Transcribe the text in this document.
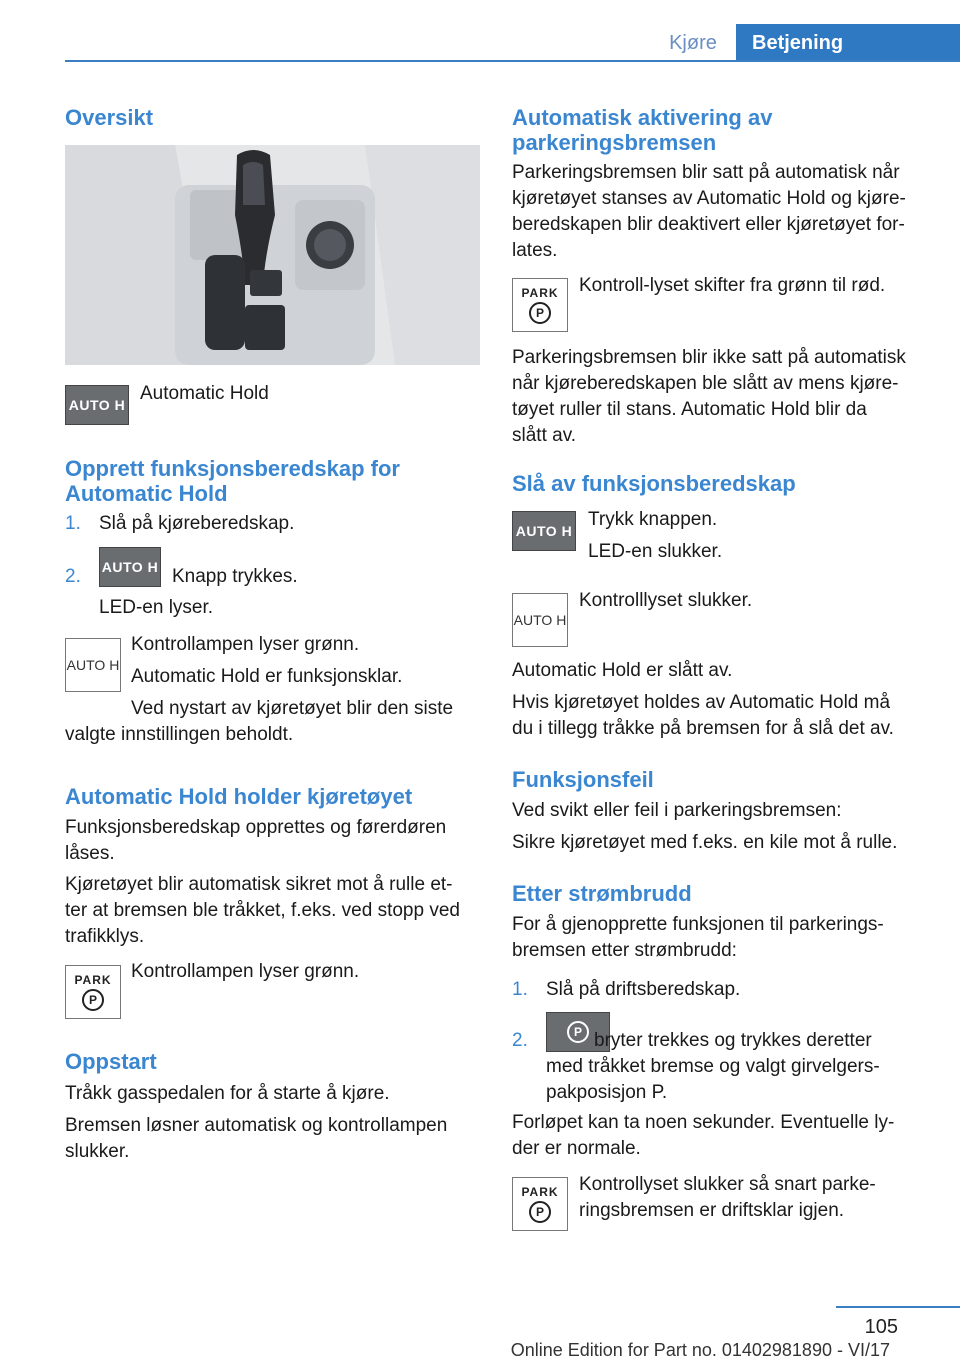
Kjøre	Betjening
Oversikt
AUTO H
Automatic Hold
Opprett funksjonsberedskap for
Automatic Hold
1. Slå på kjøreberedskap.
2. AUTO H Knapp trykkes.
LED-en lyser.
AUTO H
Kontrollampen lyser grønn.
Automatic Hold er funksjonsklar.
Ved nystart av kjøretøyet blir den siste
valgte innstillingen beholdt.
Automatic Hold holder kjøretøyet
Funksjonsberedskap opprettes og førerdøren
låses.
Kjøretøyet blir automatisk sikret mot å rulle et‐
ter at bremsen ble tråkket, f.eks. ved stopp ved
trafikklys.
PARK
P
Kontrollampen lyser grønn.
Oppstart
Tråkk gasspedalen for å starte å kjøre.
Bremsen løsner automatisk og kontrollampen
slukker.
Automatisk aktivering av
parkeringsbremsen
Parkeringsbremsen blir satt på automatisk når
kjøretøyet stanses av Automatic Hold og kjøre‐
beredskapen blir deaktivert eller kjøretøyet for‐
lates.
PARK
P
Kontroll-lyset skifter fra grønn til rød.
Parkeringsbremsen blir ikke satt på automatisk
når kjøreberedskapen ble slått av mens kjøre‐
tøyet ruller til stans. Automatic Hold blir da
slått av.
Slå av funksjonsberedskap
AUTO H
Trykk knappen.
LED-en slukker.
AUTO H
Kontrolllyset slukker.
Automatic Hold er slått av.
Hvis kjøretøyet holdes av Automatic Hold må
du i tillegg tråkke på bremsen for å slå det av.
Funksjonsfeil
Ved svikt eller feil i parkeringsbremsen:
Sikre kjøretøyet med f.eks. en kile mot å rulle.
Etter strømbrudd
For å gjenopprette funksjonen til parkerings‐
bremsen etter strømbrudd:
1. Slå på driftsberedskap.
2.	P bryter trekkes og trykkes deretter
med tråkket bremse og valgt girvelgers‐
pakposisjon P.
Forløpet kan ta noen sekunder. Eventuelle ly‐
der er normale.
PARK
P
Kontrollyset slukker så snart parke‐
ringsbremsen er driftsklar igjen.
105
Online Edition for Part no. 01402981890 - VI/17
